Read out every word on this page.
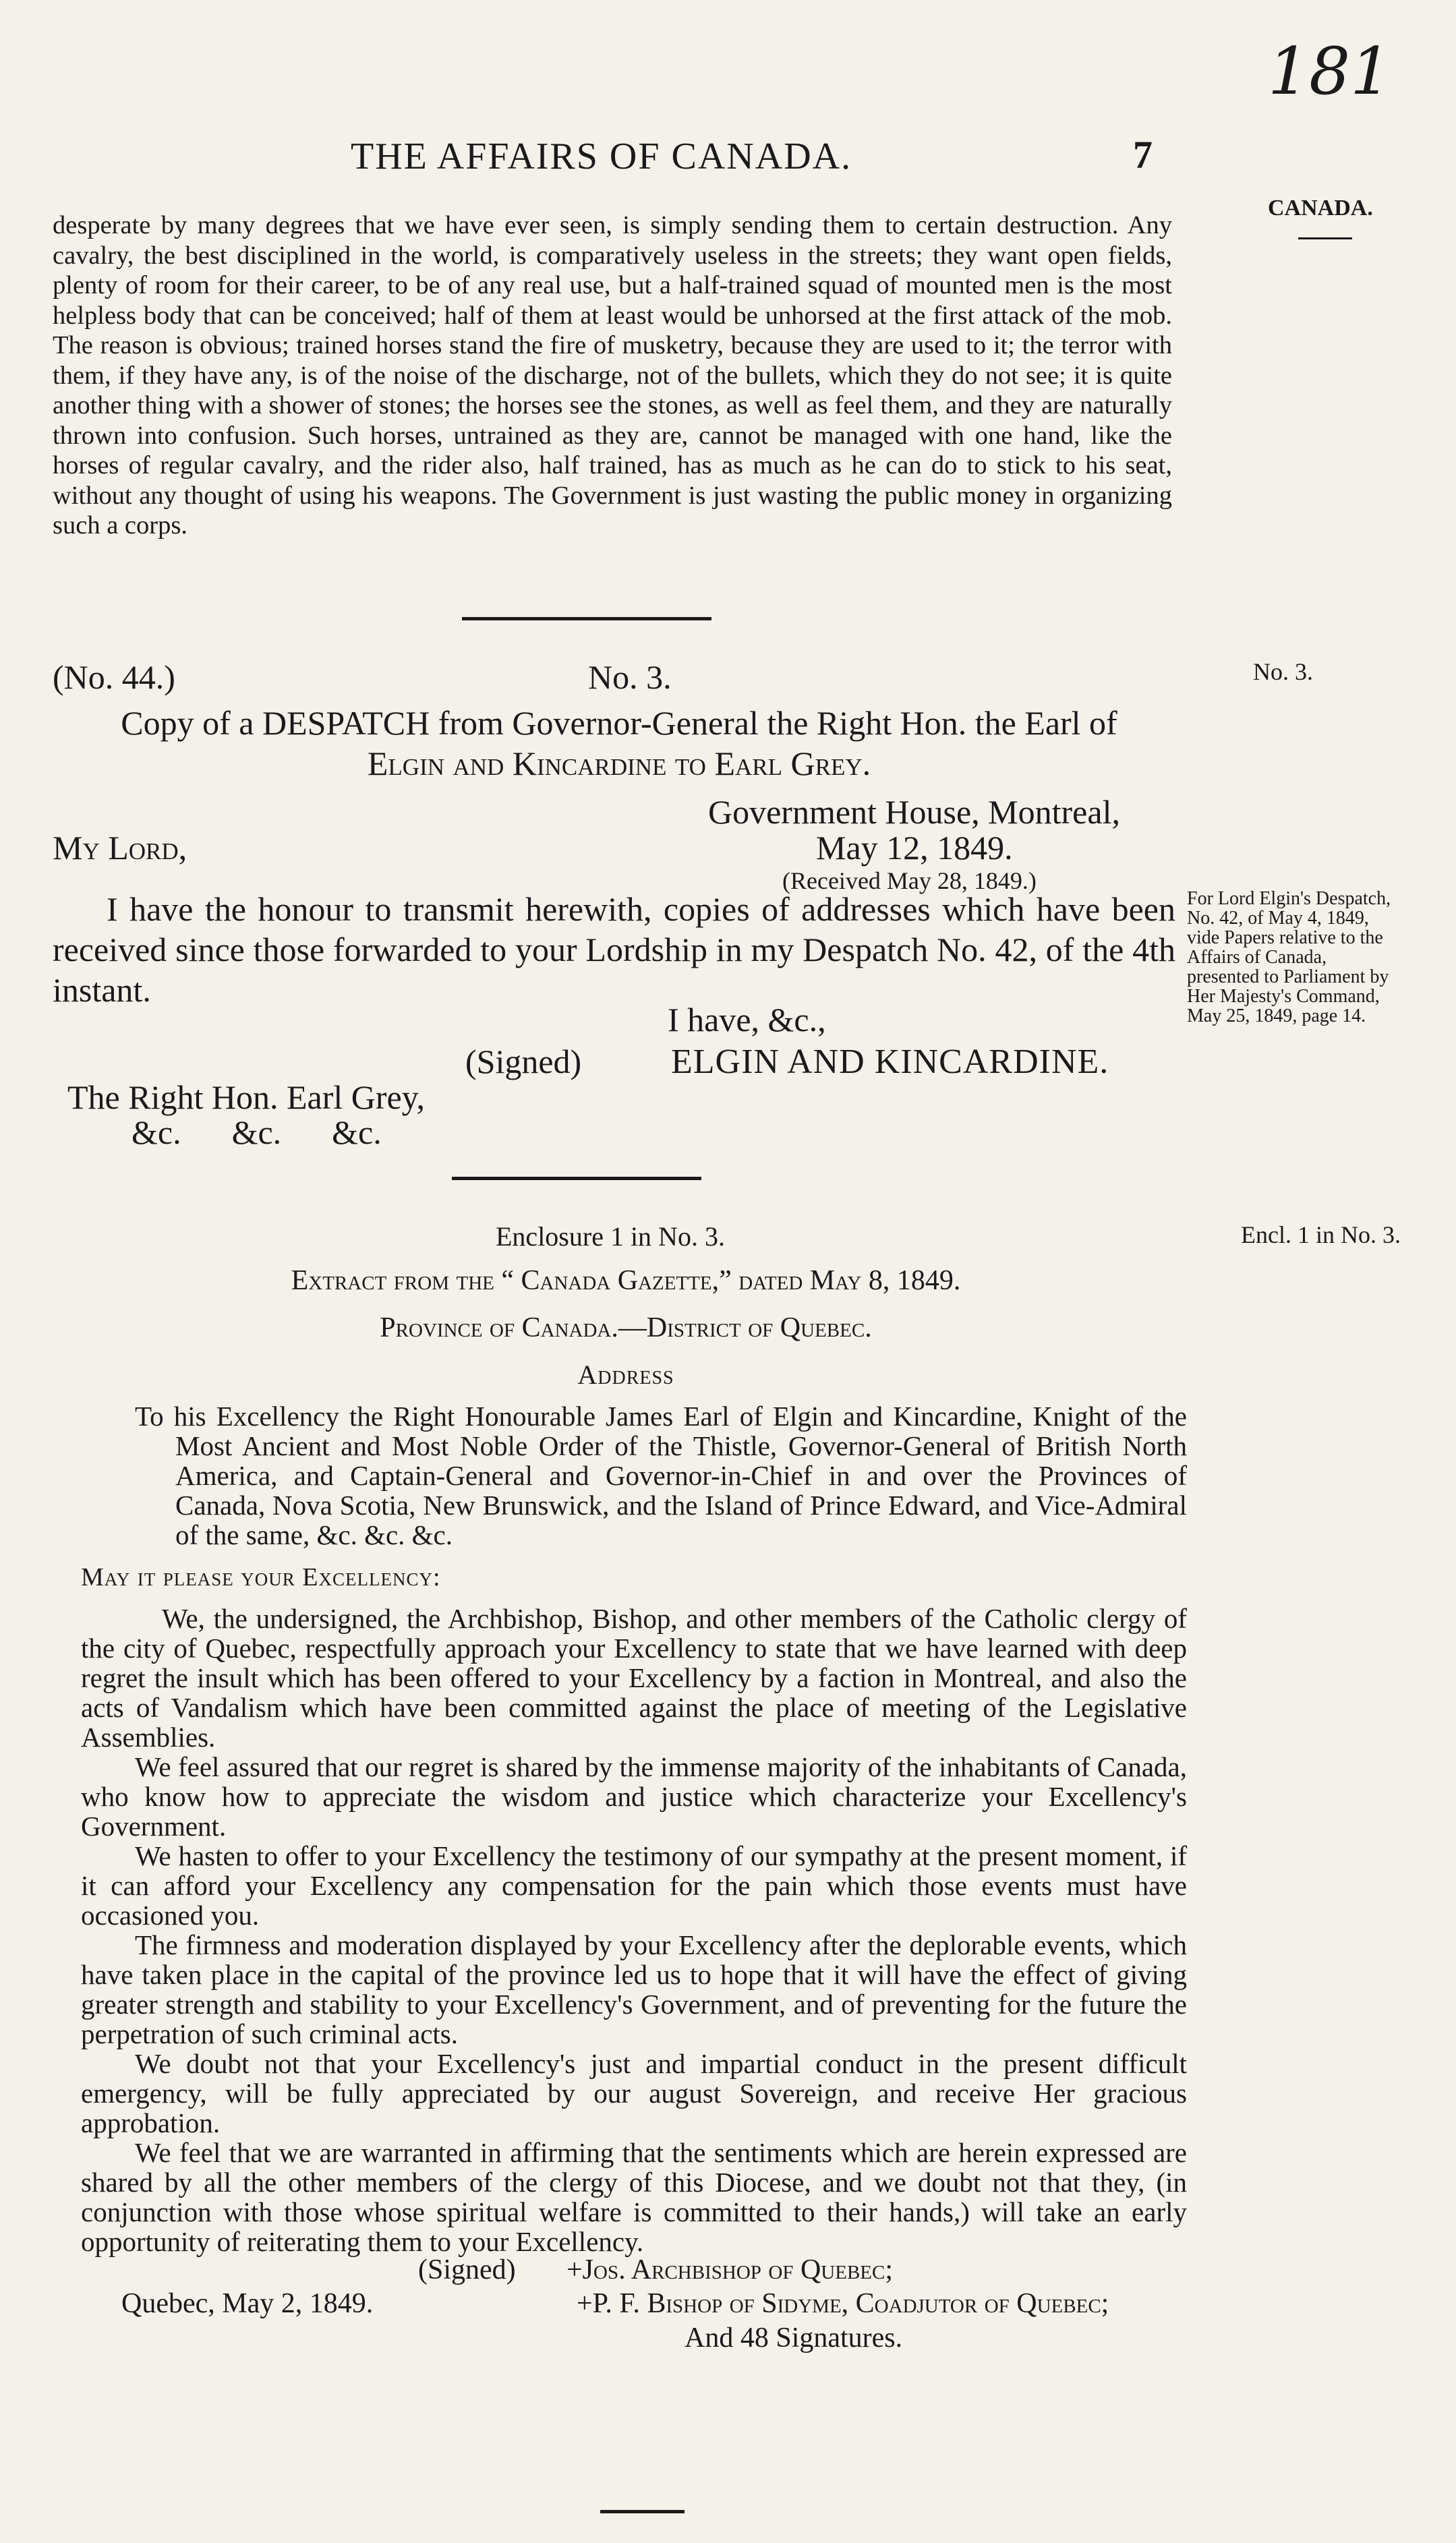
181
THE AFFAIRS OF CANADA.	7
CANADA.
desperate by many degrees that we have ever seen, is simply sending them to certain destruction. Any cavalry, the best disciplined in the world, is comparatively useless in the streets; they want open fields, plenty of room for their career, to be of any real use, but a half-trained squad of mounted men is the most helpless body that can be conceived; half of them at least would be unhorsed at the first attack of the mob. The reason is obvious; trained horses stand the fire of musketry, because they are used to it; the terror with them, if they have any, is of the noise of the discharge, not of the bullets, which they do not see; it is quite another thing with a shower of stones; the horses see the stones, as well as feel them, and they are naturally thrown into confusion. Such horses, untrained as they are, cannot be managed with one hand, like the horses of regular cavalry, and the rider also, half trained, has as much as he can do to stick to his seat, without any thought of using his weapons. The Government is just wasting the public money in organizing such a corps.
(No. 44.)	No. 3.	No. 3.
Copy of a DESPATCH from Governor-General the Right Hon. the Earl of
Elgin and Kincardine to Earl Grey.
Government House, Montreal,
May 12, 1849.
(Received May 28, 1849.)
My Lord,

I have the honour to transmit herewith, copies of addresses which have been received since those forwarded to your Lordship in my Despatch No. 42, of the 4th instant.

For Lord Elgin's Despatch, No. 42, of May 4, 1849, vide Papers relative to the Affairs of Canada, presented to Parliament by Her Majesty's Command, May 25, 1849, page 14.
I have, &c.,
(Signed)	ELGIN AND KINCARDINE.
The Right Hon. Earl Grey,
&c.      &c.      &c.
Enclosure 1 in No. 3.	Encl. 1 in No. 3.
Extract from the “ Canada Gazette,” dated May 8, 1849.
Province of Canada.—District of Quebec.
Address
To his Excellency the Right Honourable James Earl of Elgin and Kincardine, Knight of the Most Ancient and Most Noble Order of the Thistle, Governor-General of British North America, and Captain-General and Governor-in-Chief in and over the Provinces of Canada, Nova Scotia, New Brunswick, and the Island of Prince Edward, and Vice-Admiral of the same, &c. &c. &c.
May it please your Excellency:

We, the undersigned, the Archbishop, Bishop, and other members of the Catholic clergy of the city of Quebec, respectfully approach your Excellency to state that we have learned with deep regret the insult which has been offered to your Excellency by a faction in Montreal, and also the acts of Vandalism which have been committed against the place of meeting of the Legislative Assemblies.

We feel assured that our regret is shared by the immense majority of the inhabitants of Canada, who know how to appreciate the wisdom and justice which characterize your Excellency's Government.

We hasten to offer to your Excellency the testimony of our sympathy at the present moment, if it can afford your Excellency any compensation for the pain which those events must have occasioned you.

The firmness and moderation displayed by your Excellency after the deplorable events, which have taken place in the capital of the province led us to hope that it will have the effect of giving greater strength and stability to your Excellency's Government, and of preventing for the future the perpetration of such criminal acts.

We doubt not that your Excellency's just and impartial conduct in the present difficult emergency, will be fully appreciated by our august Sovereign, and receive Her gracious approbation.

We feel that we are warranted in affirming that the sentiments which are herein expressed are shared by all the other members of the clergy of this Diocese, and we doubt not that they, (in conjunction with those whose spiritual welfare is committed to their hands,) will take an early opportunity of reiterating them to your Excellency.

(Signed) +Jos. Archbishop of Quebec;
Quebec, May 2, 1849.	+P. F. Bishop of Sidyme, Coadjutor of Quebec;
And 48 Signatures.
